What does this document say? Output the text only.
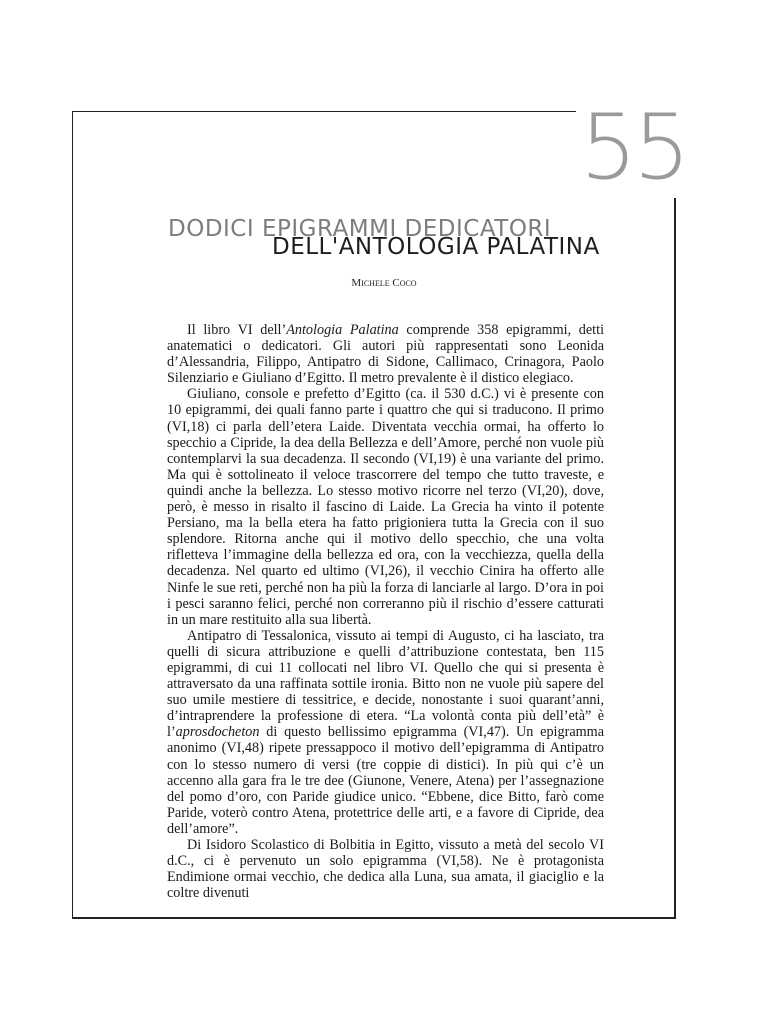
55
DODICI EPIGRAMMI DEDICATORI
DELL'ANTOLOGIA PALATINA
Michele Coco

Il libro VI dell’Antologia Palatina comprende 358 epigrammi, detti anatematici o dedicatori. Gli autori più rappresentati sono Leonida d’Alessandria, Filippo, Antipatro di Sidone, Callimaco, Crinagora, Paolo Silenziario e Giuliano d’Egitto. Il metro prevalente è il distico elegiaco.

Giuliano, console e prefetto d’Egitto (ca. il 530 d.C.) vi è presente con 10 epigrammi, dei quali fanno parte i quattro che qui si traducono. Il primo (VI,18) ci parla dell’etera Laide. Diventata vecchia ormai, ha offerto lo specchio a Cipride, la dea della Bellezza e dell’Amore, perché non vuole più contemplarvi la sua decadenza. Il secondo (VI,19) è una variante del primo. Ma qui è sottolineato il veloce trascorrere del tempo che tutto traveste, e quindi anche la bellezza. Lo stesso motivo ricorre nel terzo (VI,20), dove, però, è messo in risalto il fascino di Laide. La Grecia ha vinto il potente Persiano, ma la bella etera ha fatto prigioniera tutta la Grecia con il suo splendore. Ritorna anche qui il motivo dello specchio, che una volta rifletteva l’immagine della bellezza ed ora, con la vecchiezza, quella della decadenza. Nel quarto ed ultimo (VI,26), il vecchio Cinira ha offerto alle Ninfe le sue reti, perché non ha più la forza di lanciarle al largo. D’ora in poi i pesci saranno felici, perché non correranno più il rischio d’essere catturati in un mare restituito alla sua libertà.

Antipatro di Tessalonica, vissuto ai tempi di Augusto, ci ha lasciato, tra quelli di sicura attribuzione e quelli d’attribuzione contestata, ben 115 epigrammi, di cui 11 collocati nel libro VI. Quello che qui si presenta è attraversato da una raffinata sottile ironia. Bitto non ne vuole più sapere del suo umile mestiere di tessitrice, e decide, nonostante i suoi quarant’anni, d’intraprendere la professione di etera. “La volontà conta più dell’età” è l’aprosdocheton di questo bellissimo epigramma (VI,47). Un epigramma anonimo (VI,48) ripete pressappoco il motivo dell’epigramma di Antipatro con lo stesso numero di versi (tre coppie di distici). In più qui c’è un accenno alla gara fra le tre dee (Giunone, Venere, Atena) per l’assegnazione del pomo d’oro, con Paride giudice unico. “Ebbene, dice Bitto, farò come Paride, voterò contro Atena, protettrice delle arti, e a favore di Cipride, dea dell’amore”.

Di Isidoro Scolastico di Bolbitia in Egitto, vissuto a metà del secolo VI d.C., ci è pervenuto un solo epigramma (VI,58). Ne è protagonista Endimione ormai vecchio, che dedica alla Luna, sua amata, il giaciglio e la coltre divenuti
